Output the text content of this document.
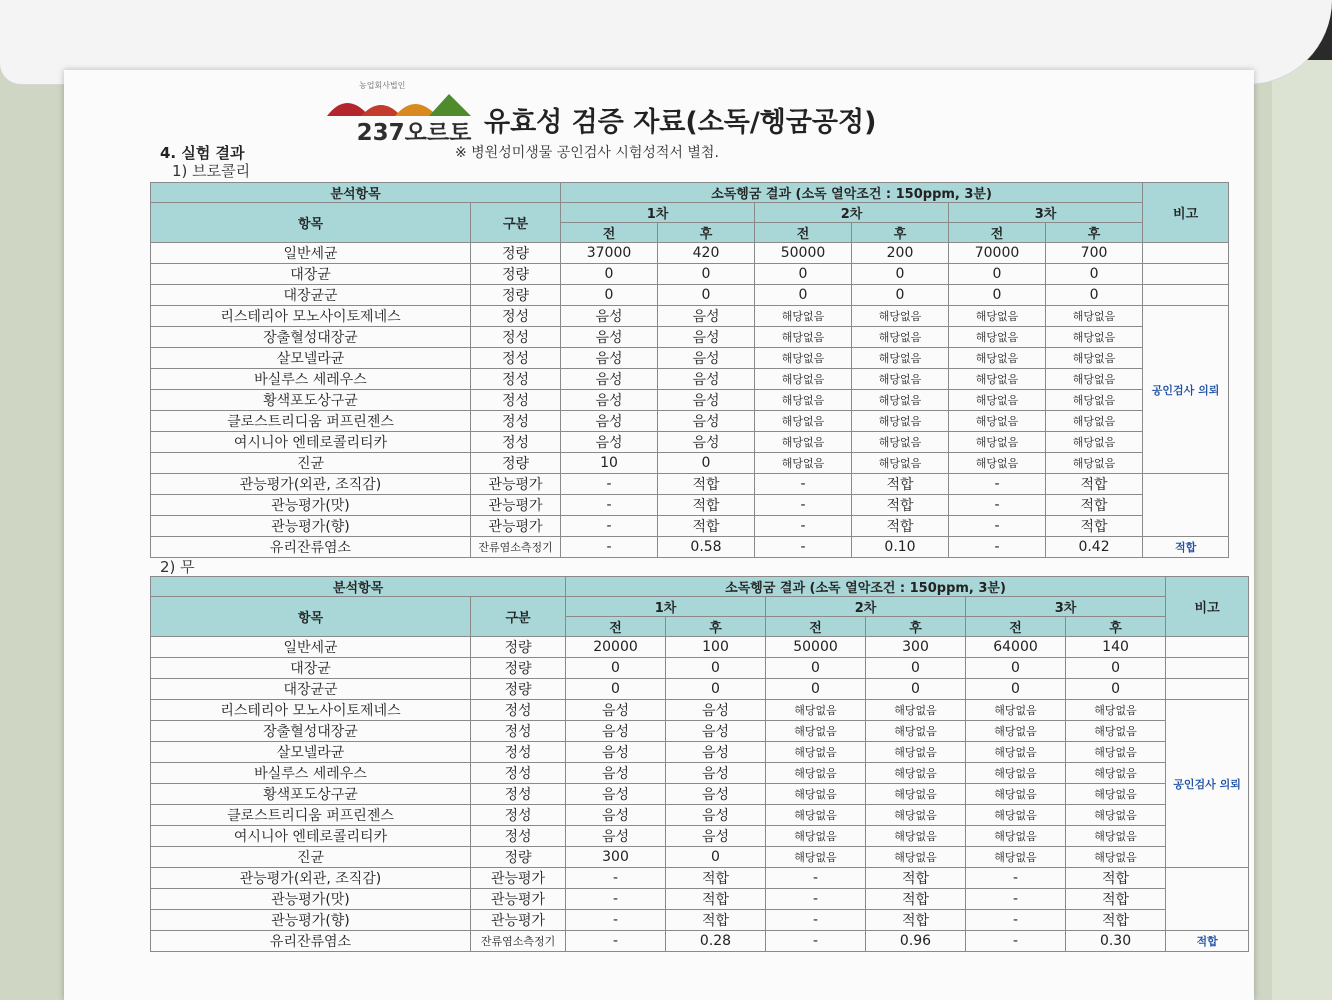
농업회사법인
237오르토 유효성 검증 자료(소독/헹굼공정)
4. 실험 결과	※ 병원성미생물 공인검사 시험성적서 별첨.
1) 브로콜리
2) 무
분석항목		소독헹굼 결과 (소독 열악조건 : 150ppm, 3분)						비고
항목	구분	1차		2차		3차		
		전	후	전	후	전	후	
일반세균	정량	37000	420	50000	200	70000	700	
대장균	정량	0	0	0	0	0	0	
대장균군	정량	0	0	0	0	0	0	
리스테리아 모노사이토제네스	정성	음성	음성	해당없음	해당없음	해당없음	해당없음	공인검사 의뢰
장출혈성대장균	정성	음성	음성	해당없음	해당없음	해당없음	해당없음	
살모넬라균	정성	음성	음성	해당없음	해당없음	해당없음	해당없음	
바실루스 세레우스	정성	음성	음성	해당없음	해당없음	해당없음	해당없음	
황색포도상구균	정성	음성	음성	해당없음	해당없음	해당없음	해당없음	
클로스트리디움 퍼프린젠스	정성	음성	음성	해당없음	해당없음	해당없음	해당없음	
여시니아 엔테로콜리티카	정성	음성	음성	해당없음	해당없음	해당없음	해당없음	
진균	정량	10	0	해당없음	해당없음	해당없음	해당없음	
관능평가(외관, 조직감)	관능평가	-	적합	-	적합	-	적합	
관능평가(맛)	관능평가	-	적합	-	적합	-	적합	
관능평가(향)	관능평가	-	적합	-	적합	-	적합	
유리잔류염소	잔류염소측정기	-	0.58	-	0.10	-	0.42	적합
분석항목		소독헹굼 결과 (소독 열악조건 : 150ppm, 3분)						비고
항목	구분	1차		2차		3차		
		전	후	전	후	전	후	
일반세균	정량	20000	100	50000	300	64000	140	
대장균	정량	0	0	0	0	0	0	
대장균군	정량	0	0	0	0	0	0	
리스테리아 모노사이토제네스	정성	음성	음성	해당없음	해당없음	해당없음	해당없음	공인검사 의뢰
장출혈성대장균	정성	음성	음성	해당없음	해당없음	해당없음	해당없음	
살모넬라균	정성	음성	음성	해당없음	해당없음	해당없음	해당없음	
바실루스 세레우스	정성	음성	음성	해당없음	해당없음	해당없음	해당없음	
황색포도상구균	정성	음성	음성	해당없음	해당없음	해당없음	해당없음	
클로스트리디움 퍼프린젠스	정성	음성	음성	해당없음	해당없음	해당없음	해당없음	
여시니아 엔테로콜리티카	정성	음성	음성	해당없음	해당없음	해당없음	해당없음	
진균	정량	300	0	해당없음	해당없음	해당없음	해당없음	
관능평가(외관, 조직감)	관능평가	-	적합	-	적합	-	적합	
관능평가(맛)	관능평가	-	적합	-	적합	-	적합	
관능평가(향)	관능평가	-	적합	-	적합	-	적합	
유리잔류염소	잔류염소측정기	-	0.28	-	0.96	-	0.30	적합
